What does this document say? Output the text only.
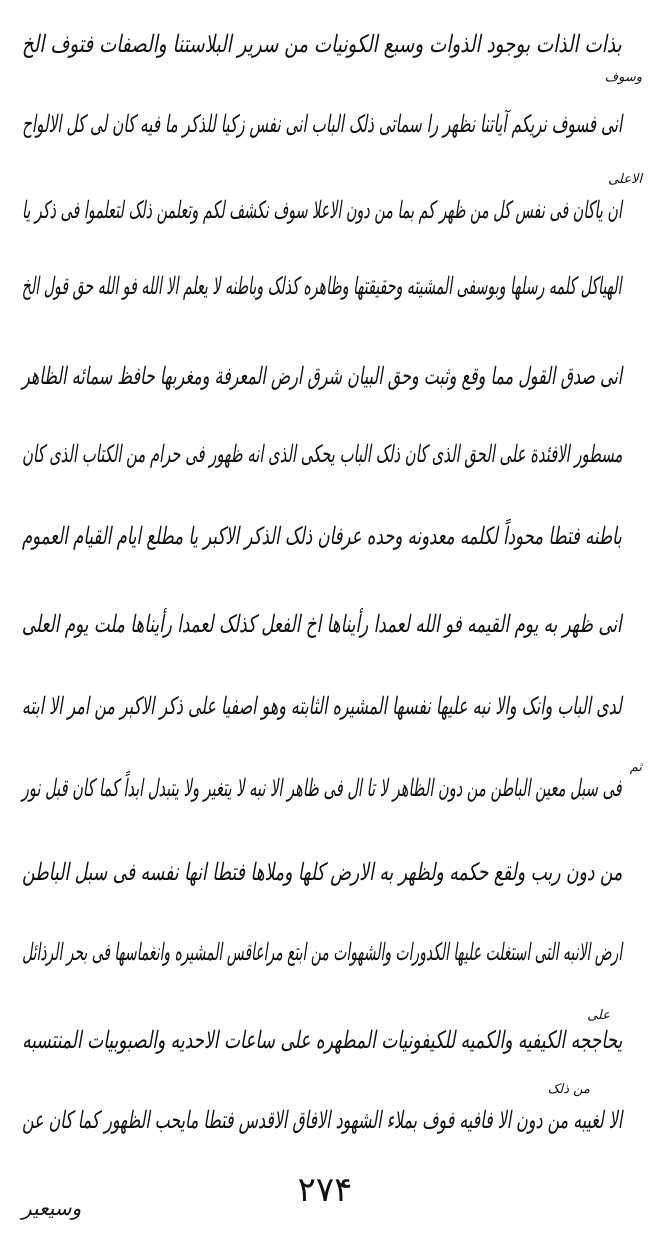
بذات الذات بوجود الذوات وسبع الكونيات من سرير البلاستنا والصفات فتوف الخ
انی فسوف نریکم آیاتنا نظهر را سماتی ذلک الباب انی نفس زکیا للذکر ما فیه کان لی کل الالواح
ان یاکان فی نفس کل من ظهر کم بما من دون الاعلا سوف نکشف لکم وتعلمن ذلک لتعلموا فی ذکر یا
الهیاکل کلمه رسلها وبوسفی المشیته وحقیقتها وظاهره کذلک وباطنه لا یعلم الا الله فو الله حق قول الخ
انی صدق القول مما وقع وثبت وحق البیان شرق ارض المعرفة ومغربها حافظ سمائه الظاهر
مسطور الافئدة علی الحق الذی کان ذلک الباب یحکی الذی انه ظهور فی حرام من الکتاب الذی کان
باطنه فتطا محوداً لکلمه معدونه وحده عرفان ذلک الذکر الاکبر یا مطلع ایام القیام العموم
انی ظهر به یوم القیمه فو الله لعمدا رأیناها اخ الفعل کذلک لعمدا رأیناها ملت یوم العلی
لدی الباب وانک والا نبه علیها نفسها المشیره الثابته وهو اصفیا علی ذکر الاکبر من امر الا ابته
فی سبل معین الباطن من دون الظاهر لا تا ال فی ظاهر الا نبه لا یتغیر ولا یتبدل ابداً کما کان قبل نور
من دون ربب ولقع حکمه ولظهر به الارض کلها وملاها فتطا انها نفسه فی سبل الباطن
ارض الانبه التی استغلت علیها الکدورات والشهوات من ابتع مراعاقس المشیره وانغماسها فی بحر الرذائل
یحاججه الکیفیه والکمیه للکیفونیات المطهره علی ساعات الاحدیه والصبوبیات المنتسبه
الا لغیبه من دون الا فافیه فوف بملاء الشهود الافاق الاقدس فتطا مایحب الظهور کما کان عن
وسوف
الاعلی
ثم
علی
من ذلک
۲۷۴
وسیعیر
